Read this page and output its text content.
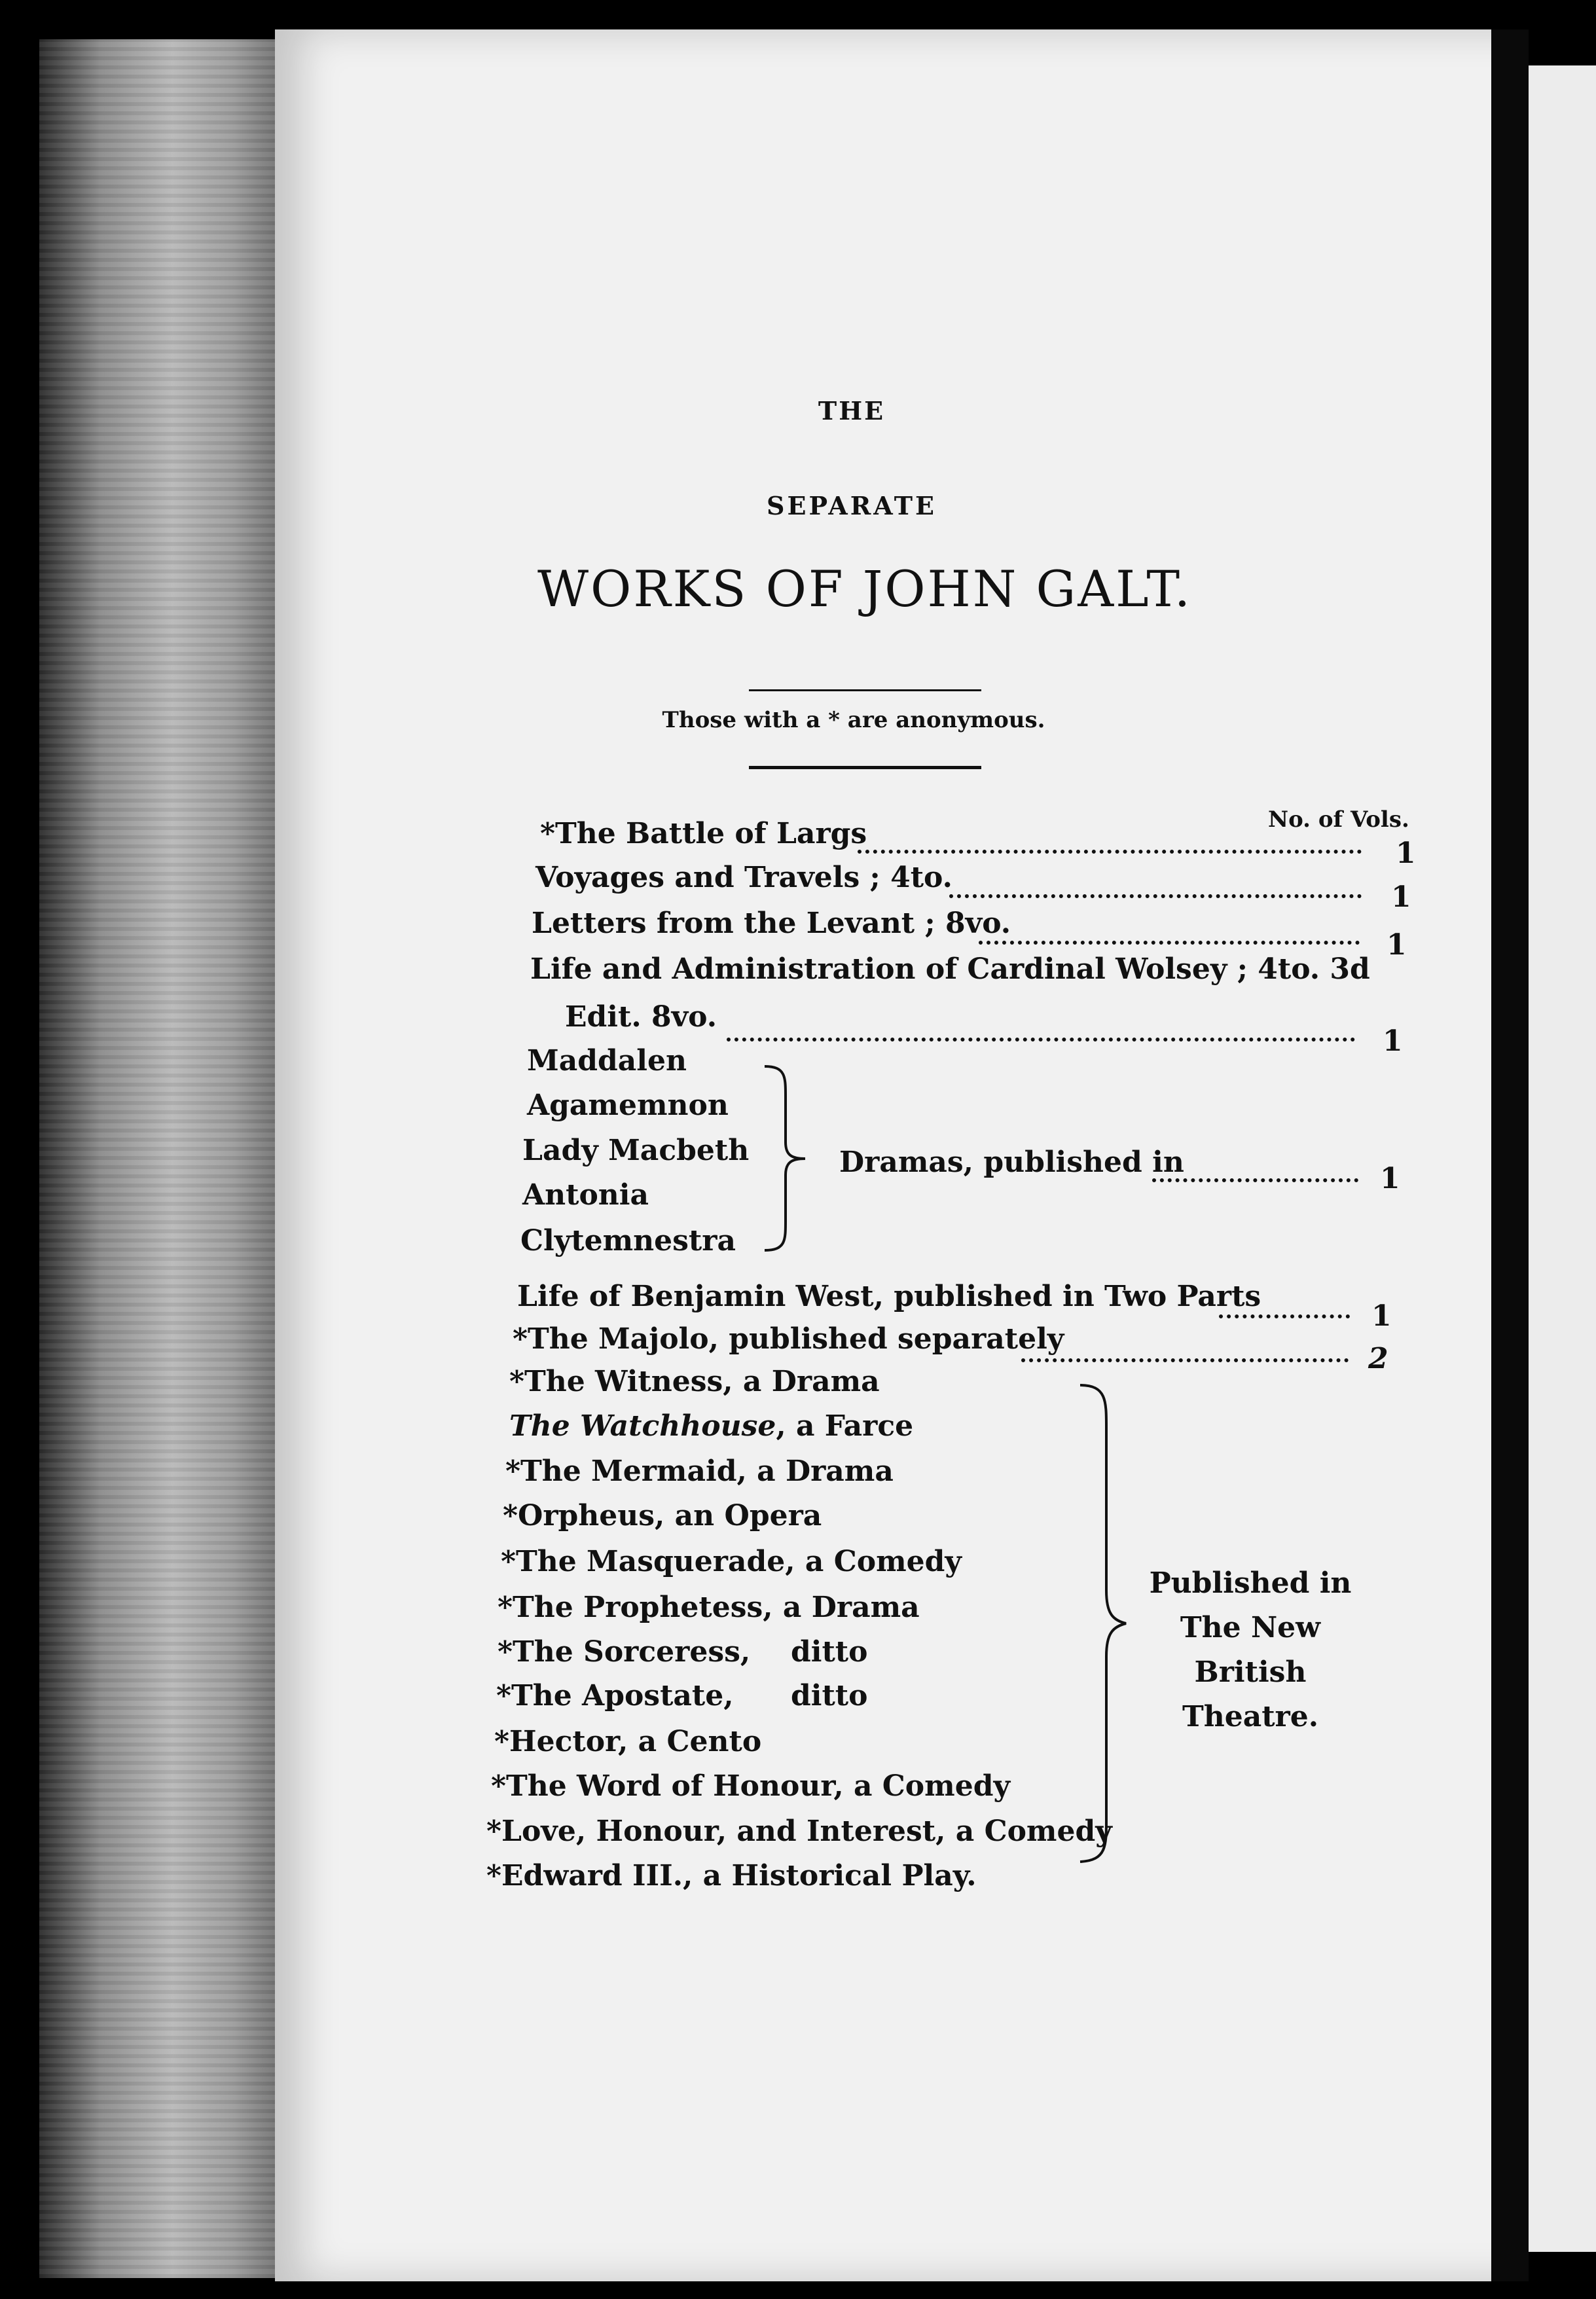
THE
SEPARATE
WORKS OF JOHN GALT.
Those with a * are anonymous.
No. of Vols.
*The Battle of Largs
1
Voyages and Travels ; 4to.
1
Letters from the Levant ; 8vo.
1
Life and Administration of Cardinal Wolsey ; 4to. 3d
Edit. 8vo.
1
Maddalen
Agamemnon
Lady Macbeth
Antonia
Clytemnestra
Dramas, published in	1
Life of Benjamin West, published in Two Parts
1
*The Majolo, published separately
2
*The Witness, a Drama
The Watchhouse, a Farce
*The Mermaid, a Drama
*Orpheus, an Opera
*The Masquerade, a Comedy
*The Prophetess, a Drama
*The Sorceress, ditto
*The Apostate, ditto
*Hector, a Cento
*The Word of Honour, a Comedy
*Love, Honour, and Interest, a Comedy
Published in
The New British
Theatre.
*Edward III., a Historical Play.
